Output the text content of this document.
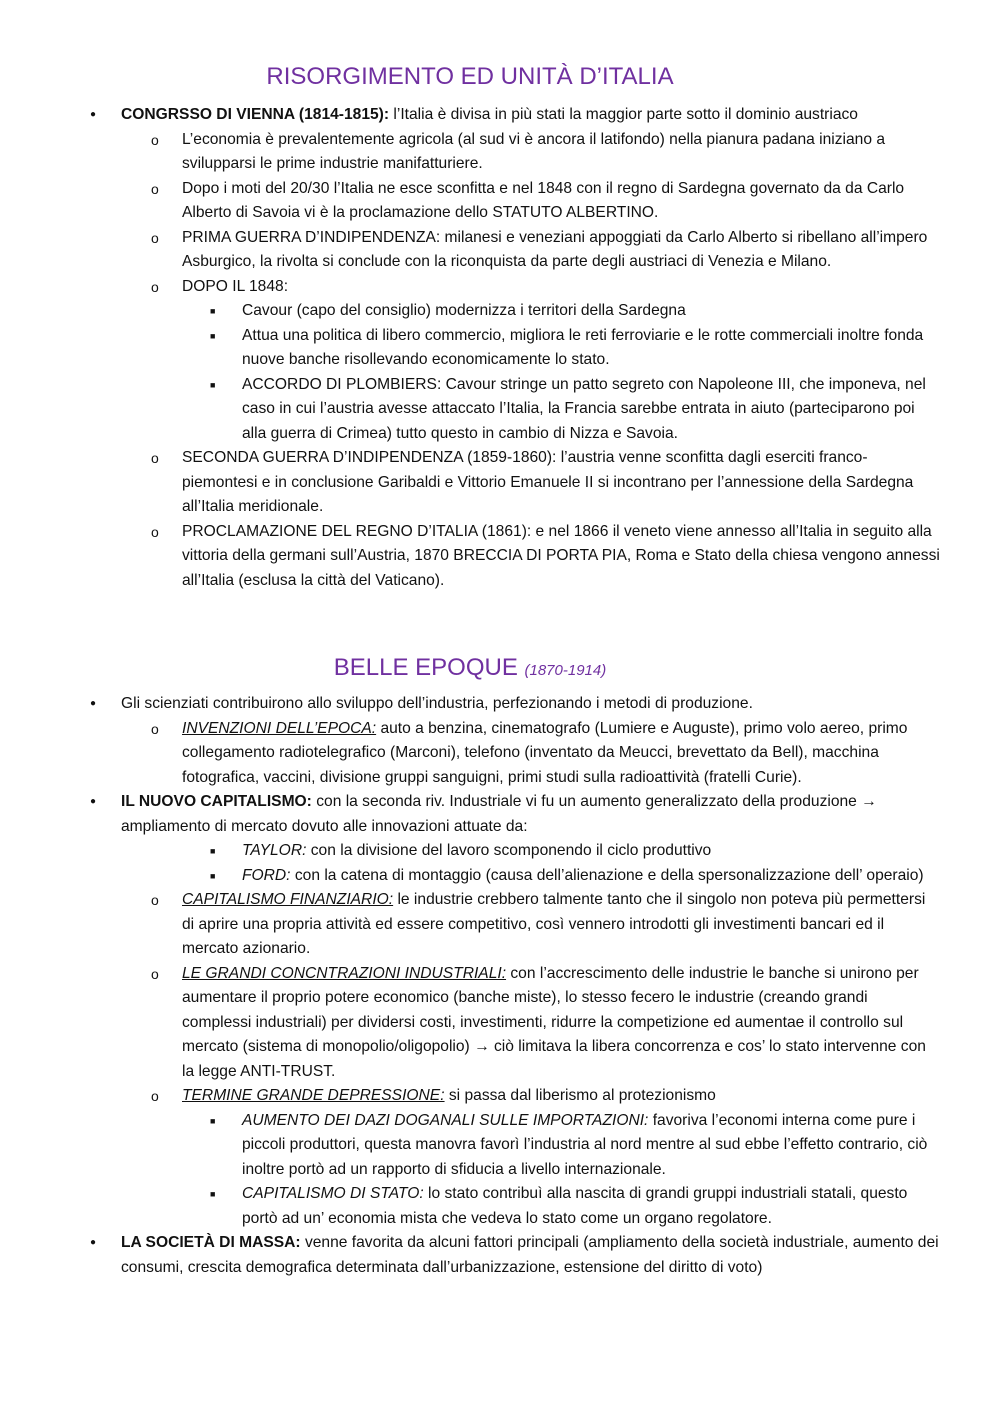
RISORGIMENTO ED UNITÀ D’ITALIA
● CONGRSSO DI VIENNA (1814-1815): l’Italia è divisa in più stati la maggior parte sotto il dominio austriaco
o L’economia è prevalentemente agricola (al sud vi è ancora il latifondo) nella pianura padana iniziano a svilupparsi le prime industrie manifatturiere.
o Dopo i moti del 20/30 l’Italia ne esce sconfitta e nel 1848 con il regno di Sardegna governato da da Carlo Alberto di Savoia vi è la proclamazione dello STATUTO ALBERTINO.
o PRIMA GUERRA D’INDIPENDENZA: milanesi e veneziani appoggiati da Carlo Alberto si ribellano all’impero Asburgico, la rivolta si conclude con la riconquista da parte degli austriaci di Venezia e Milano.
o DOPO IL 1848:
■ Cavour (capo del consiglio) modernizza i territori della Sardegna
■ Attua una politica di libero commercio, migliora le reti ferroviarie e le rotte commerciali inoltre fonda nuove banche risollevando economicamente lo stato.
■ ACCORDO DI PLOMBIERS: Cavour stringe un patto segreto con Napoleone III, che imponeva, nel caso in cui l’austria avesse attaccato l’Italia, la Francia sarebbe entrata in aiuto (parteciparono poi alla guerra di Crimea) tutto questo in cambio di Nizza e Savoia.
o SECONDA GUERRA D’INDIPENDENZA (1859-1860): l’austria venne sconfitta dagli eserciti franco-piemontesi e in conclusione Garibaldi e Vittorio Emanuele II si incontrano per l’annessione della Sardegna all’Italia meridionale.
o PROCLAMAZIONE DEL REGNO D’ITALIA (1861): e nel 1866 il veneto viene annesso all’Italia in seguito alla vittoria della germani sull’Austria, 1870 BRECCIA DI PORTA PIA, Roma e Stato della chiesa vengono annessi all’Italia (esclusa la città del Vaticano).
BELLE EPOQUE (1870-1914)
● Gli scienziati contribuirono allo sviluppo dell’industria, perfezionando i metodi di produzione.
o INVENZIONI DELL’EPOCA: auto a benzina, cinematografo (Lumiere e Auguste), primo volo aereo, primo collegamento radiotelegrafico (Marconi), telefono (inventato da Meucci, brevettato da Bell), macchina fotografica, vaccini, divisione gruppi sanguigni, primi studi sulla radioattività (fratelli Curie).
● IL NUOVO CAPITALISMO: con la seconda riv. Industriale vi fu un aumento generalizzato della produzione → ampliamento di mercato dovuto alle innovazioni attuate da:
■ TAYLOR: con la divisione del lavoro scomponendo il ciclo produttivo
■ FORD: con la catena di montaggio (causa dell’alienazione e della spersonalizzazione dell’ operaio)
o CAPITALISMO FINANZIARIO: le industrie crebbero talmente tanto che il singolo non poteva più permettersi di aprire una propria attività ed essere competitivo, così vennero introdotti gli investimenti bancari ed il mercato azionario.
o LE GRANDI CONCNTRAZIONI INDUSTRIALI: con l’accrescimento delle industrie le banche si unirono per aumentare il proprio potere economico (banche miste), lo stesso fecero le industrie (creando grandi complessi industriali) per dividersi costi, investimenti, ridurre la competizione ed aumentae il controllo sul mercato (sistema di monopolio/oligopolio) → ciò limitava la libera concorrenza e cos’ lo stato intervenne con la legge ANTI-TRUST.
o TERMINE GRANDE DEPRESSIONE: si passa dal liberismo al protezionismo
■ AUMENTO DEI DAZI DOGANALI SULLE IMPORTAZIONI: favoriva l’economi interna come pure i piccoli produttori, questa manovra favorì l’industria al nord mentre al sud ebbe l’effetto contrario, ciò inoltre portò ad un rapporto di sfiducia a livello internazionale.
■ CAPITALISMO DI STATO: lo stato contribuì alla nascita di grandi gruppi industriali statali, questo portò ad un’ economia mista che vedeva lo stato come un organo regolatore.
● LA SOCIETÀ DI MASSA: venne favorita da alcuni fattori principali (ampliamento della società industriale, aumento dei consumi, crescita demografica determinata dall’urbanizzazione, estensione del diritto di voto)
